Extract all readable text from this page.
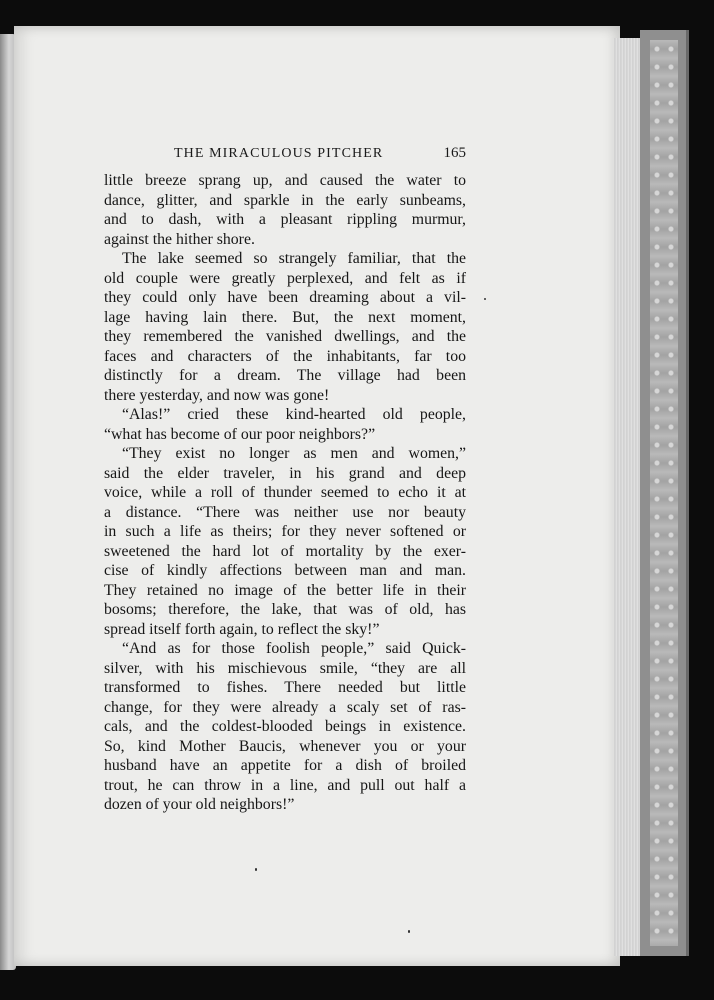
THE MIRACULOUS PITCHER	165
little breeze sprang up, and caused the water to
dance, glitter, and sparkle in the early sunbeams,
and to dash, with a pleasant rippling murmur,
against the hither shore.
The lake seemed so strangely familiar, that the
old couple were greatly perplexed, and felt as if
they could only have been dreaming about a vil-
lage having lain there. But, the next moment,
they remembered the vanished dwellings, and the
faces and characters of the inhabitants, far too
distinctly for a dream. The village had been
there yesterday, and now was gone!
“Alas!” cried these kind-hearted old people,
“what has become of our poor neighbors?”
“They exist no longer as men and women,”
said the elder traveler, in his grand and deep
voice, while a roll of thunder seemed to echo it at
a distance. “There was neither use nor beauty
in such a life as theirs; for they never softened or
sweetened the hard lot of mortality by the exer-
cise of kindly affections between man and man.
They retained no image of the better life in their
bosoms; therefore, the lake, that was of old, has
spread itself forth again, to reflect the sky!”
“And as for those foolish people,” said Quick-
silver, with his mischievous smile, “they are all
transformed to fishes. There needed but little
change, for they were already a scaly set of ras-
cals, and the coldest-blooded beings in existence.
So, kind Mother Baucis, whenever you or your
husband have an appetite for a dish of broiled
trout, he can throw in a line, and pull out half a
dozen of your old neighbors!”
